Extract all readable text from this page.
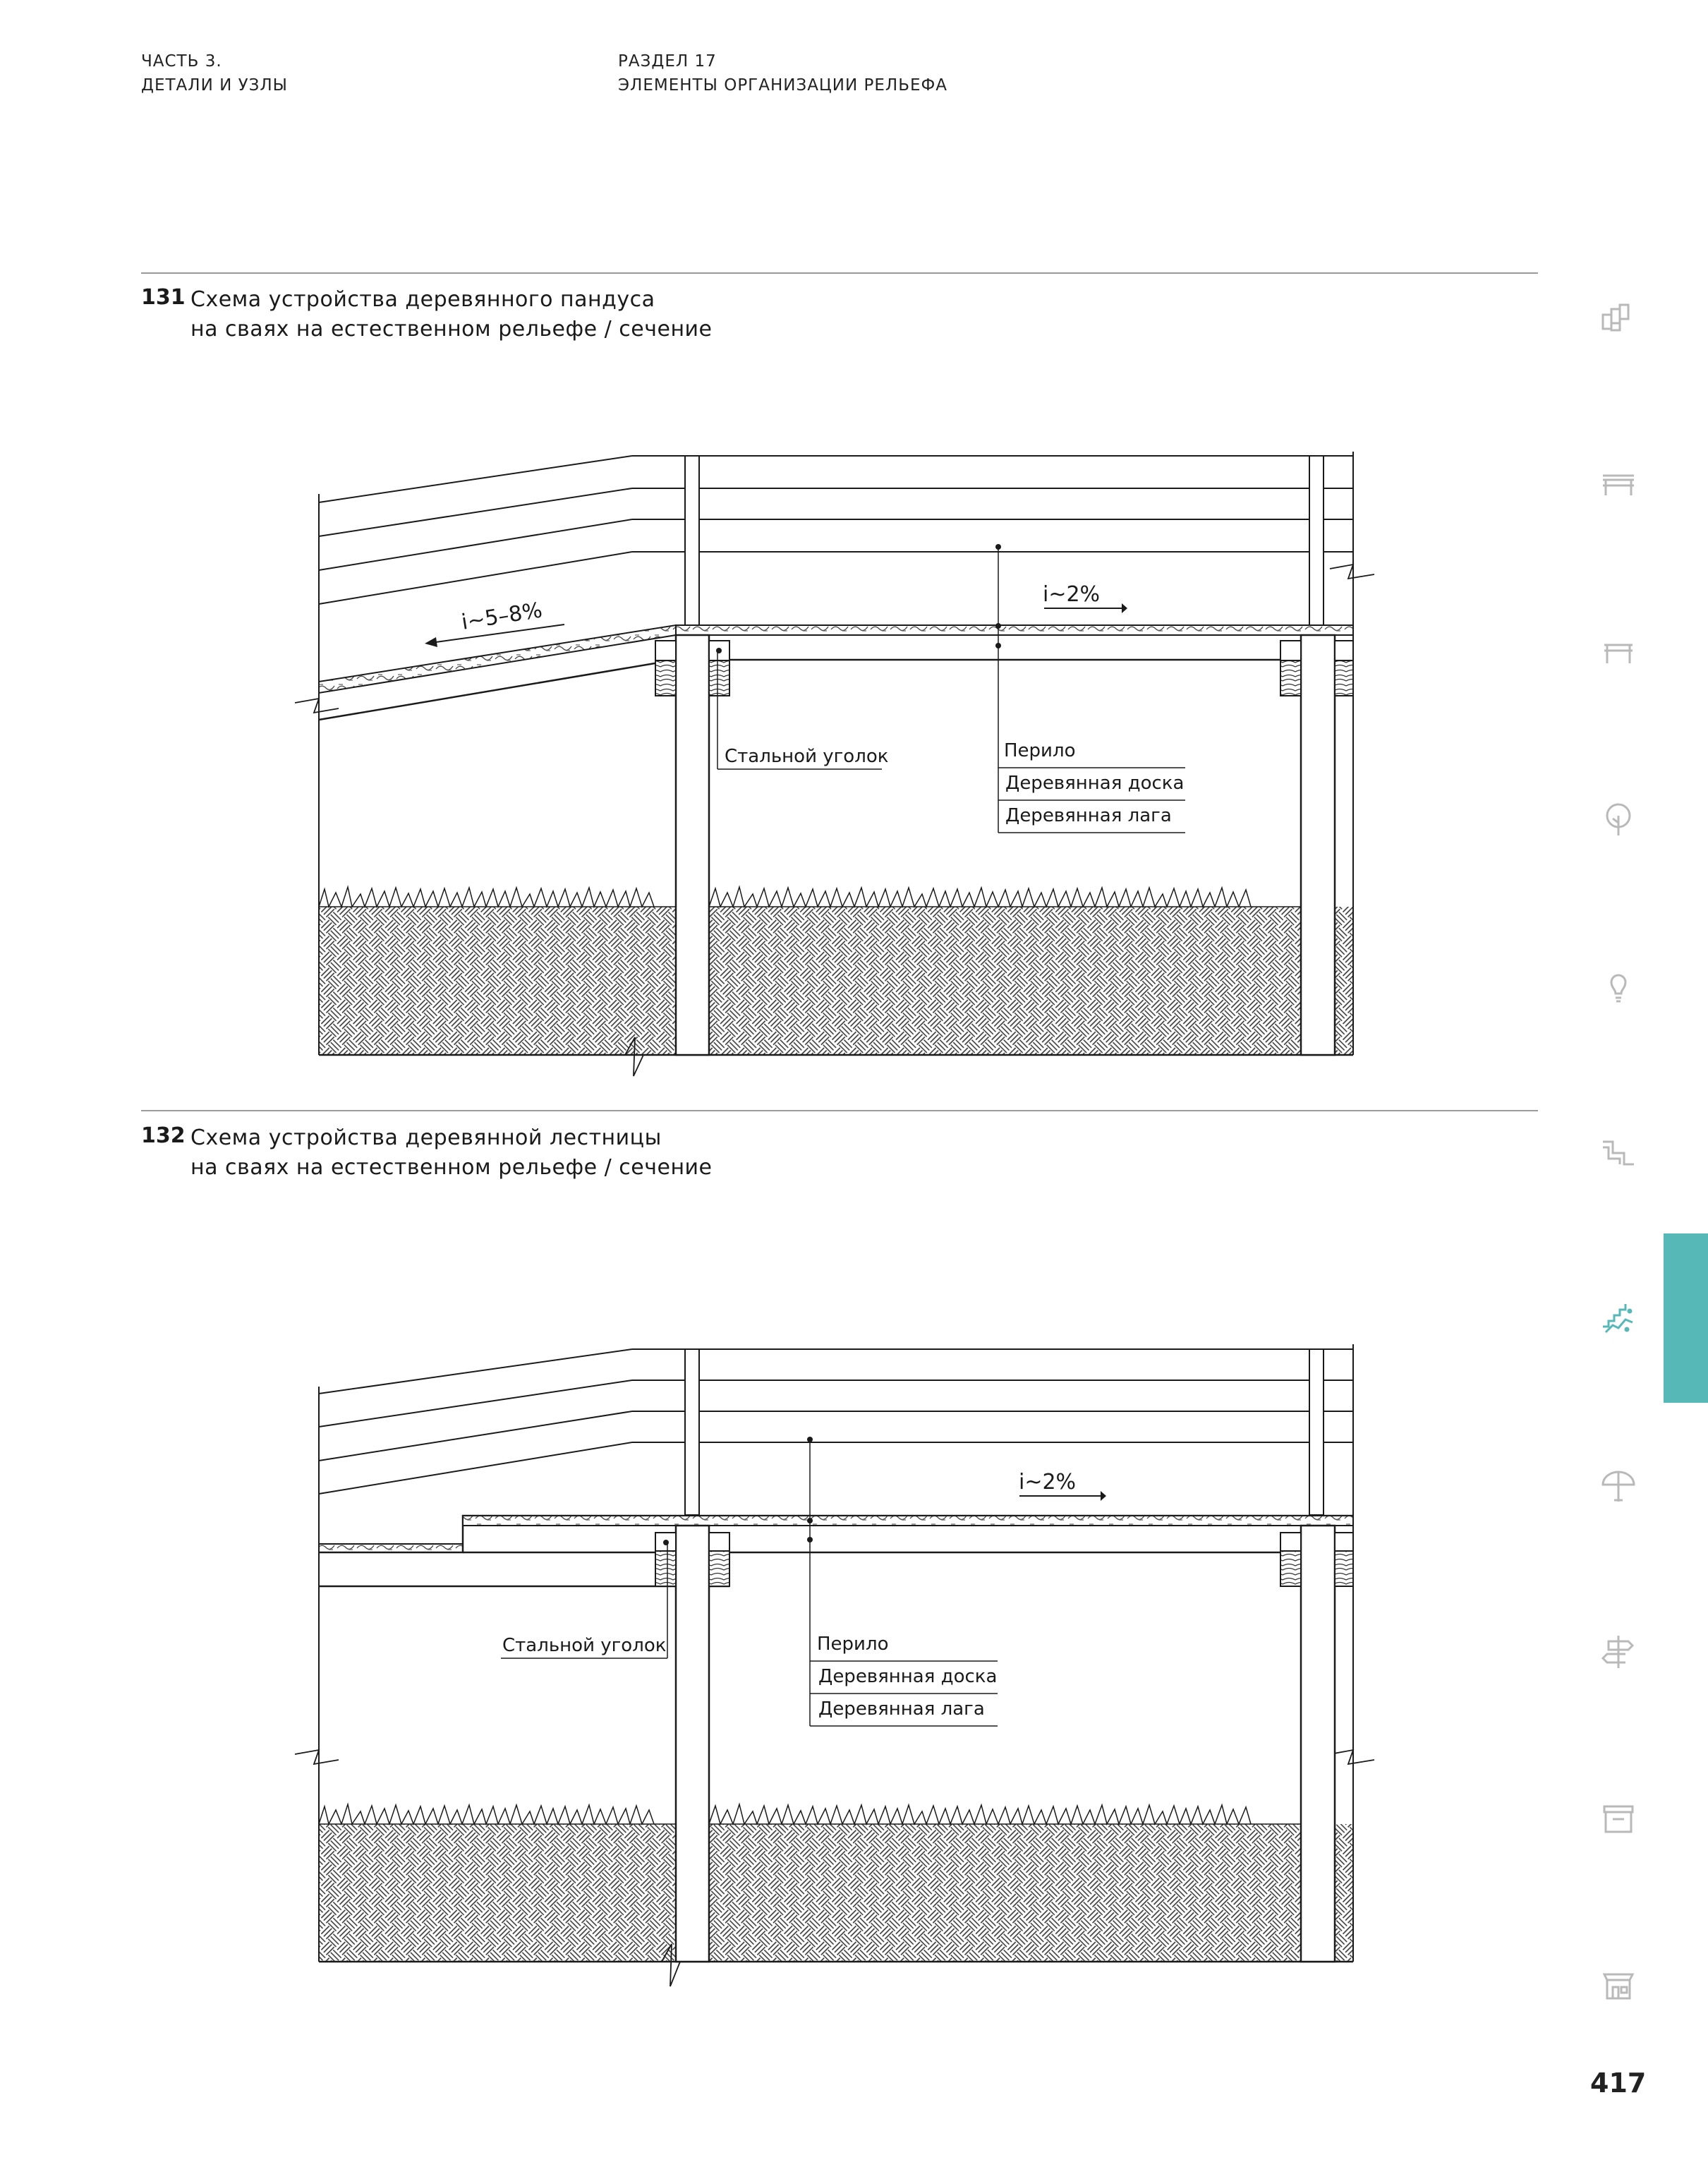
ЧАСТЬ 3.
ДЕТАЛИ И УЗЛЫ
РАЗДЕЛ 17
ЭЛЕМЕНТЫ ОРГАНИЗАЦИИ РЕЛЬЕФА
131 Схема устройства деревянного пандуса
на сваях на естественном рельефе / сечение
132 Схема устройства деревянной лестницы
на сваях на естественном рельефе / сечение
i~5–8%
i~2%
Стальной уголок	Перило
Деревянная доска
Деревянная лага
i~2%
Стальной уголок	Перило
Деревянная доска
Деревянная лага
417
